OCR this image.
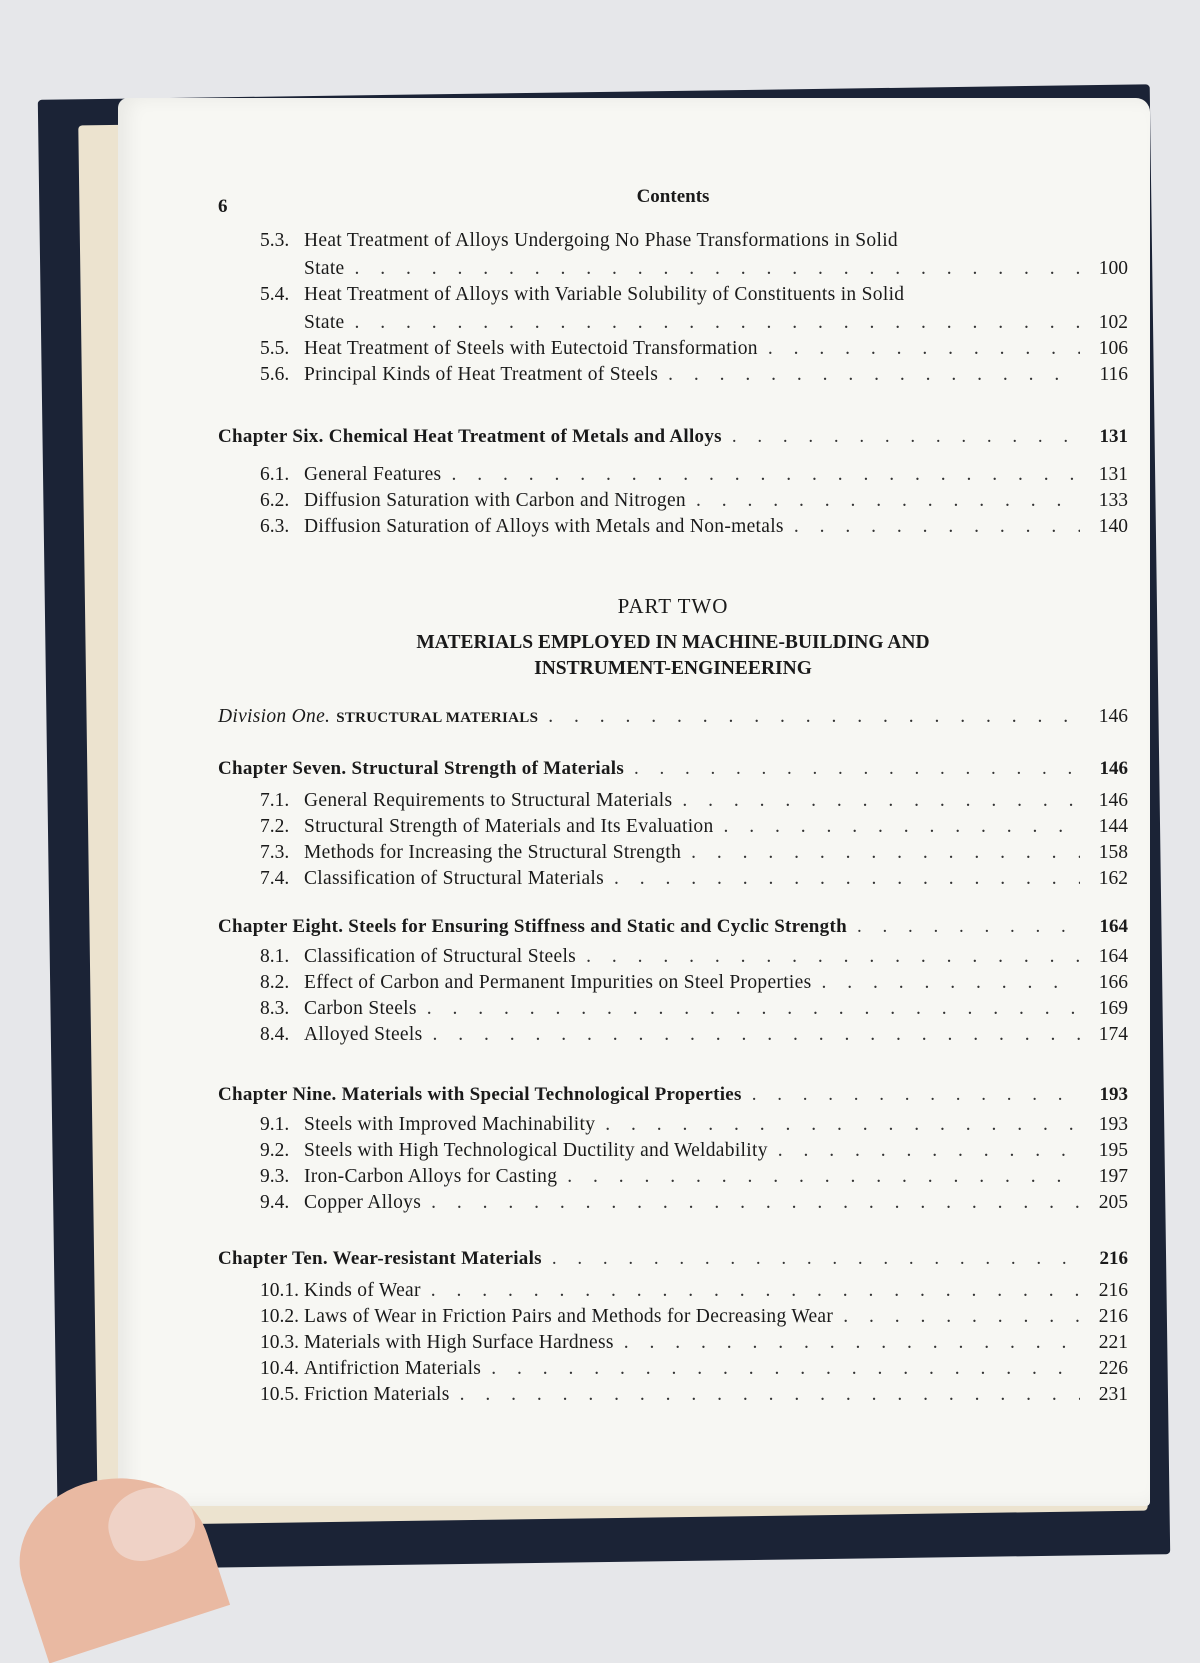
6	Contents
5.3. Heat Treatment of Alloys Undergoing No Phase Transformations in Solid
State . . .	100
5.4. Heat Treatment of Alloys with Variable Solubility of Constituents in Solid
State . . .	102
5.5. Heat Treatment of Steels with Eutectoid Transformation . . .	106
5.6. Principal Kinds of Heat Treatment of Steels . . .	116
Chapter Six. Chemical Heat Treatment of Metals and Alloys . . .	131
6.1. General Features . . .	131
6.2. Diffusion Saturation with Carbon and Nitrogen . . .	133
6.3. Diffusion Saturation of Alloys with Metals and Non-metals . . .	140
PART TWO
MATERIALS EMPLOYED IN MACHINE-BUILDING AND
INSTRUMENT-ENGINEERING
Division One. STRUCTURAL MATERIALS . . .	146
Chapter Seven. Structural Strength of Materials . . .	146
7.1. General Requirements to Structural Materials . . .	146
7.2. Structural Strength of Materials and Its Evaluation . . .	144
7.3. Methods for Increasing the Structural Strength . . .	158
7.4. Classification of Structural Materials . . .	162
Chapter Eight. Steels for Ensuring Stiffness and Static and Cyclic Strength . . .	164
8.1. Classification of Structural Steels . . .	164
8.2. Effect of Carbon and Permanent Impurities on Steel Properties . . .	166
8.3. Carbon Steels . . .	169
8.4. Alloyed Steels . . .	174
Chapter Nine. Materials with Special Technological Properties . . .	193
9.1. Steels with Improved Machinability . . .	193
9.2. Steels with High Technological Ductility and Weldability . . .	195
9.3. Iron-Carbon Alloys for Casting . . .	197
9.4. Copper Alloys . . .	205
Chapter Ten. Wear-resistant Materials . . .	216
10.1. Kinds of Wear . . .	216
10.2. Laws of Wear in Friction Pairs and Methods for Decreasing Wear . . .	216
10.3. Materials with High Surface Hardness . . .	221
10.4. Antifriction Materials . . .	226
10.5. Friction Materials . . .	231
